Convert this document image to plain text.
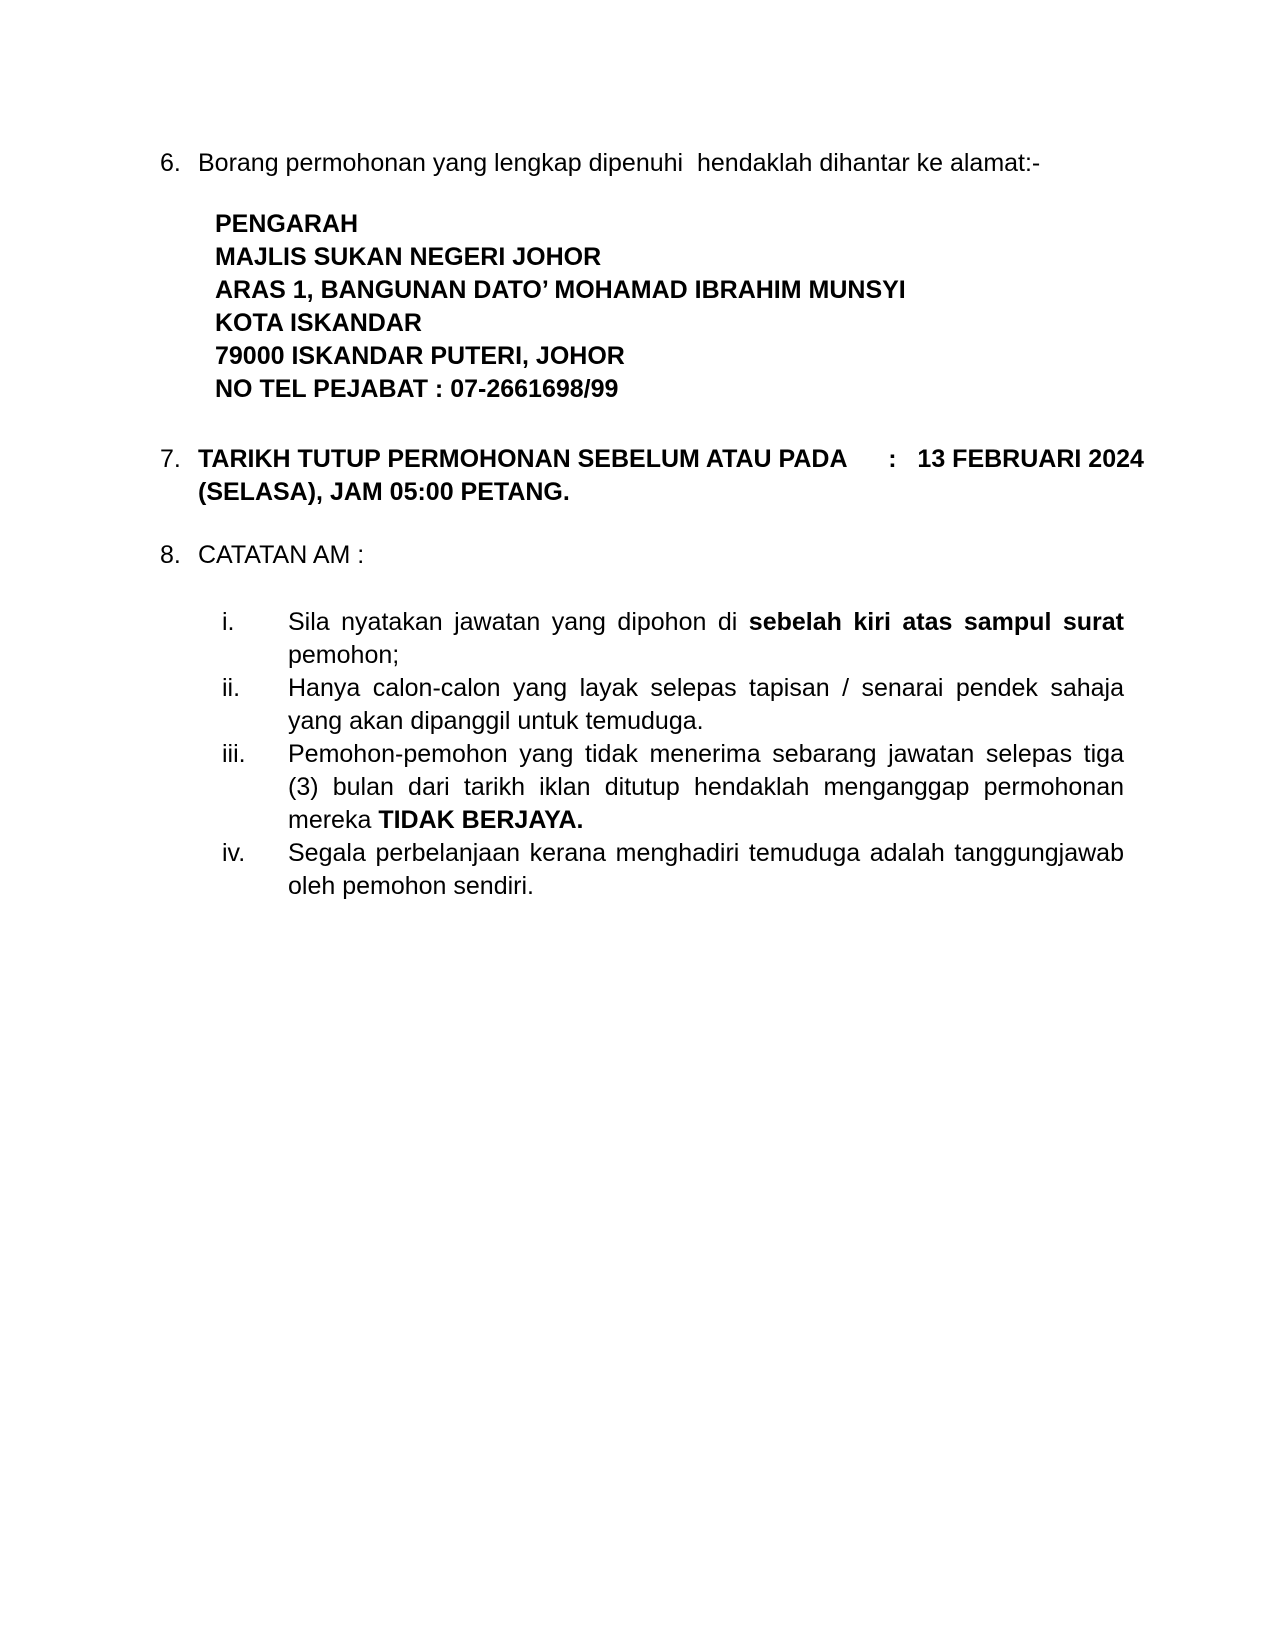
6. Borang permohonan yang lengkap dipenuhi  hendaklah dihantar ke alamat:-
PENGARAH
MAJLIS SUKAN NEGERI JOHOR
ARAS 1, BANGUNAN DATO’ MOHAMAD IBRAHIM MUNSYI
KOTA ISKANDAR
79000 ISKANDAR PUTERI, JOHOR
NO TEL PEJABAT : 07-2661698/99
7. TARIKH TUTUP PERMOHONAN SEBELUM ATAU PADA      :   13 FEBRUARI 2024
(SELASA), JAM 05:00 PETANG.
8. CATATAN AM :
i.	Sila nyatakan jawatan yang dipohon di sebelah kiri atas sampul surat
pemohon;
ii.	Hanya calon-calon yang layak selepas tapisan / senarai pendek sahaja
yang akan dipanggil untuk temuduga.
iii.	Pemohon-pemohon yang tidak menerima sebarang jawatan selepas tiga
(3) bulan dari tarikh iklan ditutup hendaklah menganggap permohonan
mereka TIDAK BERJAYA.
iv.	Segala perbelanjaan kerana menghadiri temuduga adalah tanggungjawab
oleh pemohon sendiri.
